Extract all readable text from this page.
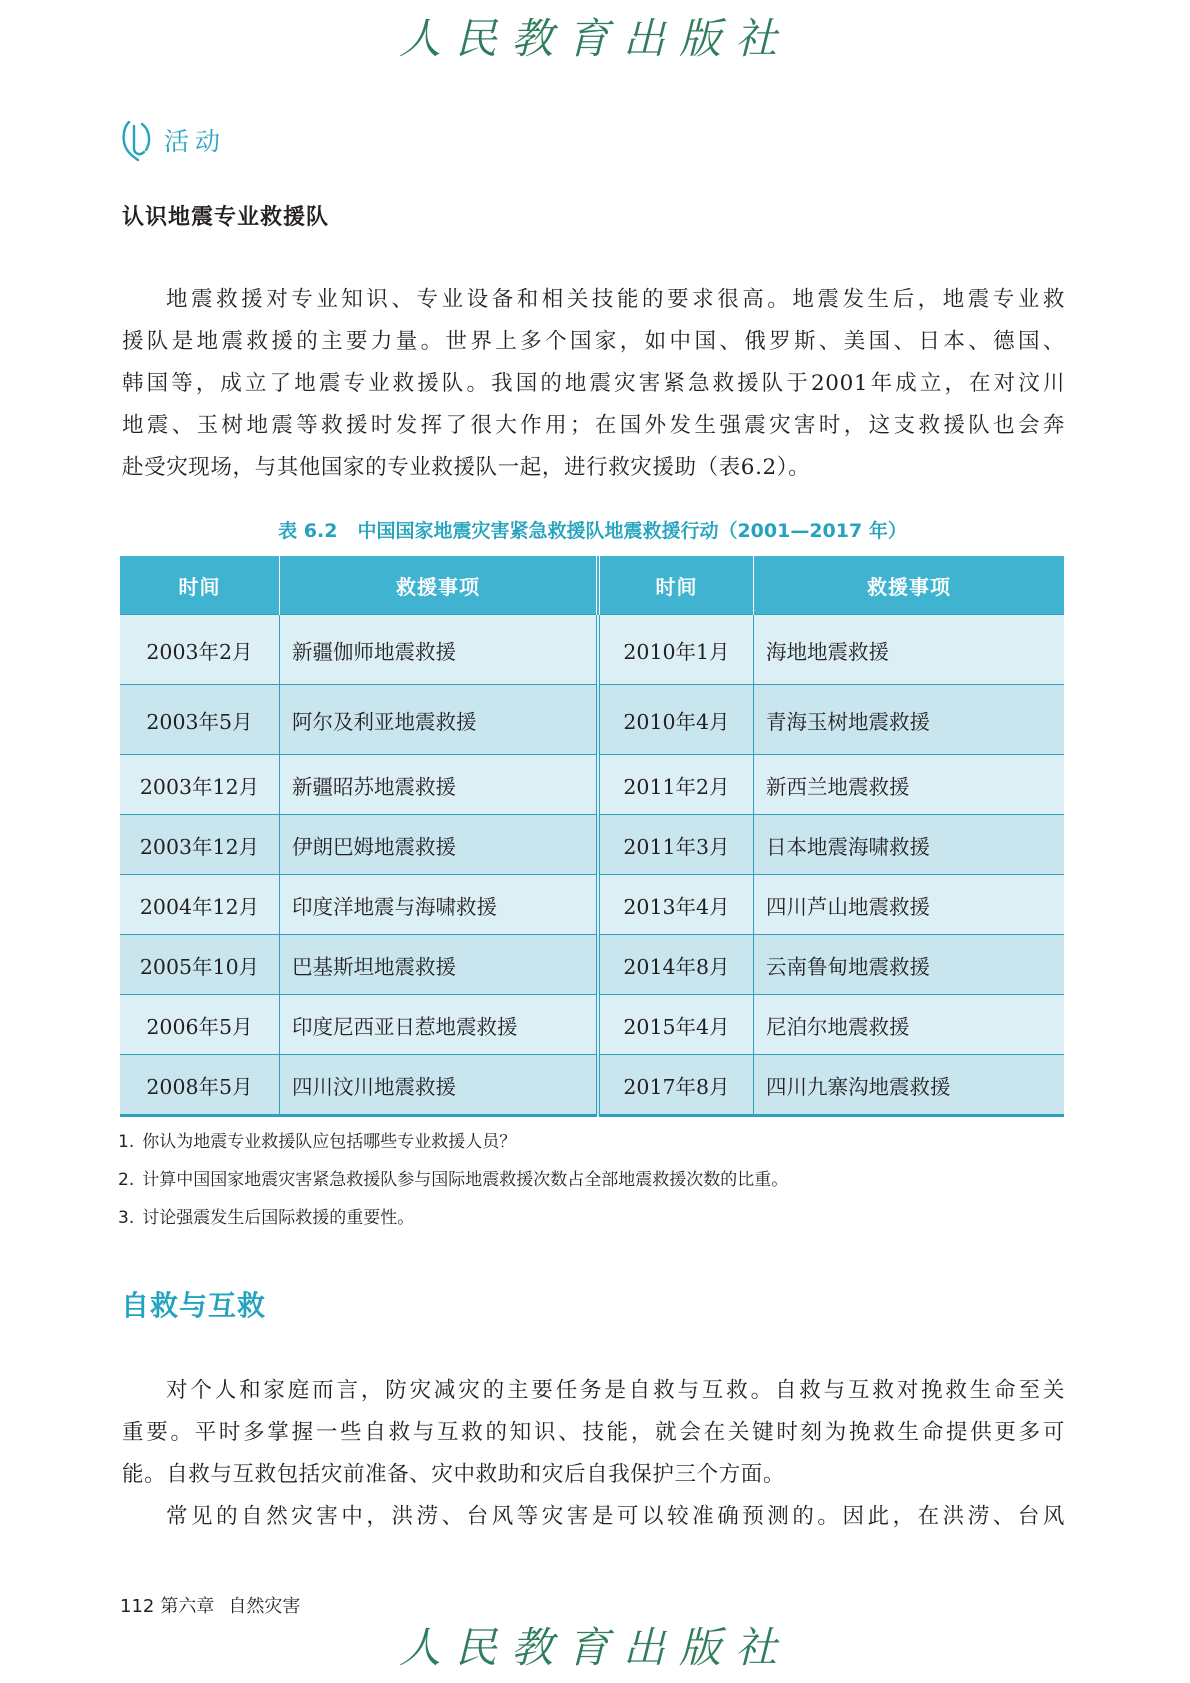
人民教育出版社
活动
认识地震专业救援队

地震救援对专业知识、专业设备和相关技能的要求很高。地震发生后，地震专业救
援队是地震救援的主要力量。世界上多个国家，如中国、俄罗斯、美国、日本、德国、
韩国等，成立了地震专业救援队。我国的地震灾害紧急救援队于2001年成立，在对汶川
地震、玉树地震等救援时发挥了很大作用；在国外发生强震灾害时，这支救援队也会奔
赴受灾现场，与其他国家的专业救援队一起，进行救灾援助（表6.2）。

表 6.2 中国国家地震灾害紧急救援队地震救援行动（2001—2017 年）
时间	救援事项	时间	救援事项
2003年2月	新疆伽师地震救援	2010年1月	海地地震救援
2003年5月	阿尔及利亚地震救援	2010年4月	青海玉树地震救援
2003年12月	新疆昭苏地震救援	2011年2月	新西兰地震救援
2003年12月	伊朗巴姆地震救援	2011年3月	日本地震海啸救援
2004年12月	印度洋地震与海啸救援	2013年4月	四川芦山地震救援
2005年10月	巴基斯坦地震救援	2014年8月	云南鲁甸地震救援
2006年5月	印度尼西亚日惹地震救援	2015年4月	尼泊尔地震救援
2008年5月	四川汶川地震救援	2017年8月	四川九寨沟地震救援
1. 你认为地震专业救援队应包括哪些专业救援人员？
2. 计算中国国家地震灾害紧急救援队参与国际地震救援次数占全部地震救援次数的比重。
3. 讨论强震发生后国际救援的重要性。
自救与互救

对个人和家庭而言，防灾减灾的主要任务是自救与互救。自救与互救对挽救生命至关
重要。平时多掌握一些自救与互救的知识、技能，就会在关键时刻为挽救生命提供更多可
能。自救与互救包括灾前准备、灾中救助和灾后自我保护三个方面。
常见的自然灾害中，洪涝、台风等灾害是可以较准确预测的。因此，在洪涝、台风

112 第六章 自然灾害
人民教育出版社
